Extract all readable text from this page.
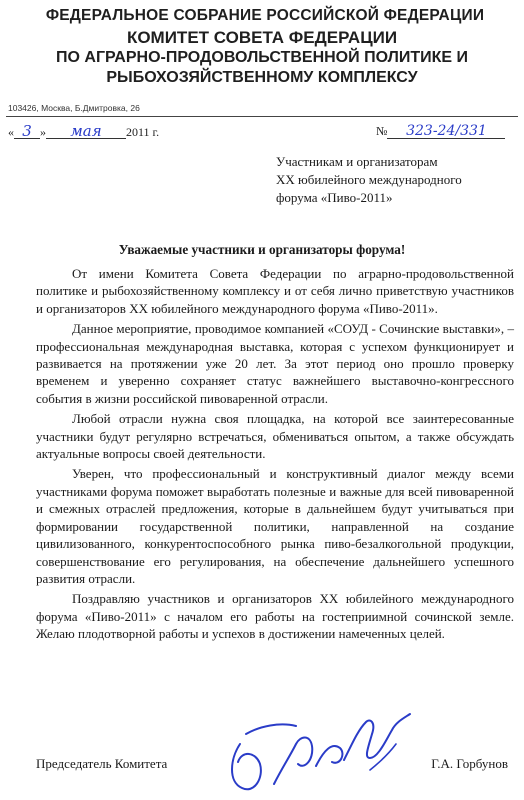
ФЕДЕРАЛЬНОЕ СОБРАНИЕ РОССИЙСКОЙ ФЕДЕРАЦИИ
КОМИТЕТ СОВЕТА ФЕДЕРАЦИИ
ПО АГРАРНО-ПРОДОВОЛЬСТВЕННОЙ ПОЛИТИКЕ И
РЫБОХОЗЯЙСТВЕННОМУ КОМПЛЕКСУ
103426, Москва, Б.Дмитровка, 26
« 3 » мая 2011 г.	№ 323-24/331
Участникам и организаторам
XX юбилейного международного
форума «Пиво-2011»
Уважаемые участники и организаторы форума!

От имени Комитета Совета Федерации по аграрно-продовольственной политике и рыбохозяйственному комплексу и от себя лично приветствую участников и организаторов XX юбилейного международного форума «Пиво-2011».

Данное мероприятие, проводимое компанией «СОУД - Сочинские выставки», – профессиональная международная выставка, которая с успехом функционирует и развивается на протяжении уже 20 лет. За этот период оно прошло проверку временем и уверенно сохраняет статус важнейшего выставочно-конгрессного события в жизни российской пивоваренной отрасли.

Любой отрасли нужна своя площадка, на которой все заинтересованные участники будут регулярно встречаться, обмениваться опытом, а также обсуждать актуальные вопросы своей деятельности.

Уверен, что профессиональный и конструктивный диалог между всеми участниками форума поможет выработать полезные и важные для всей пивоваренной и смежных отраслей предложения, которые в дальнейшем будут учитываться при формировании государственной политики, направленной на создание цивилизованного, конкурентоспособного рынка пиво-безалкогольной продукции, совершенствование его регулирования, на обеспечение дальнейшего успешного развития отрасли.

Поздравляю участников и организаторов XX юбилейного международного форума «Пиво-2011» с началом его работы на гостеприимной сочинской земле. Желаю плодотворной работы и успехов в достижении намеченных целей.

Председатель Комитета	Г.А. Горбунов
